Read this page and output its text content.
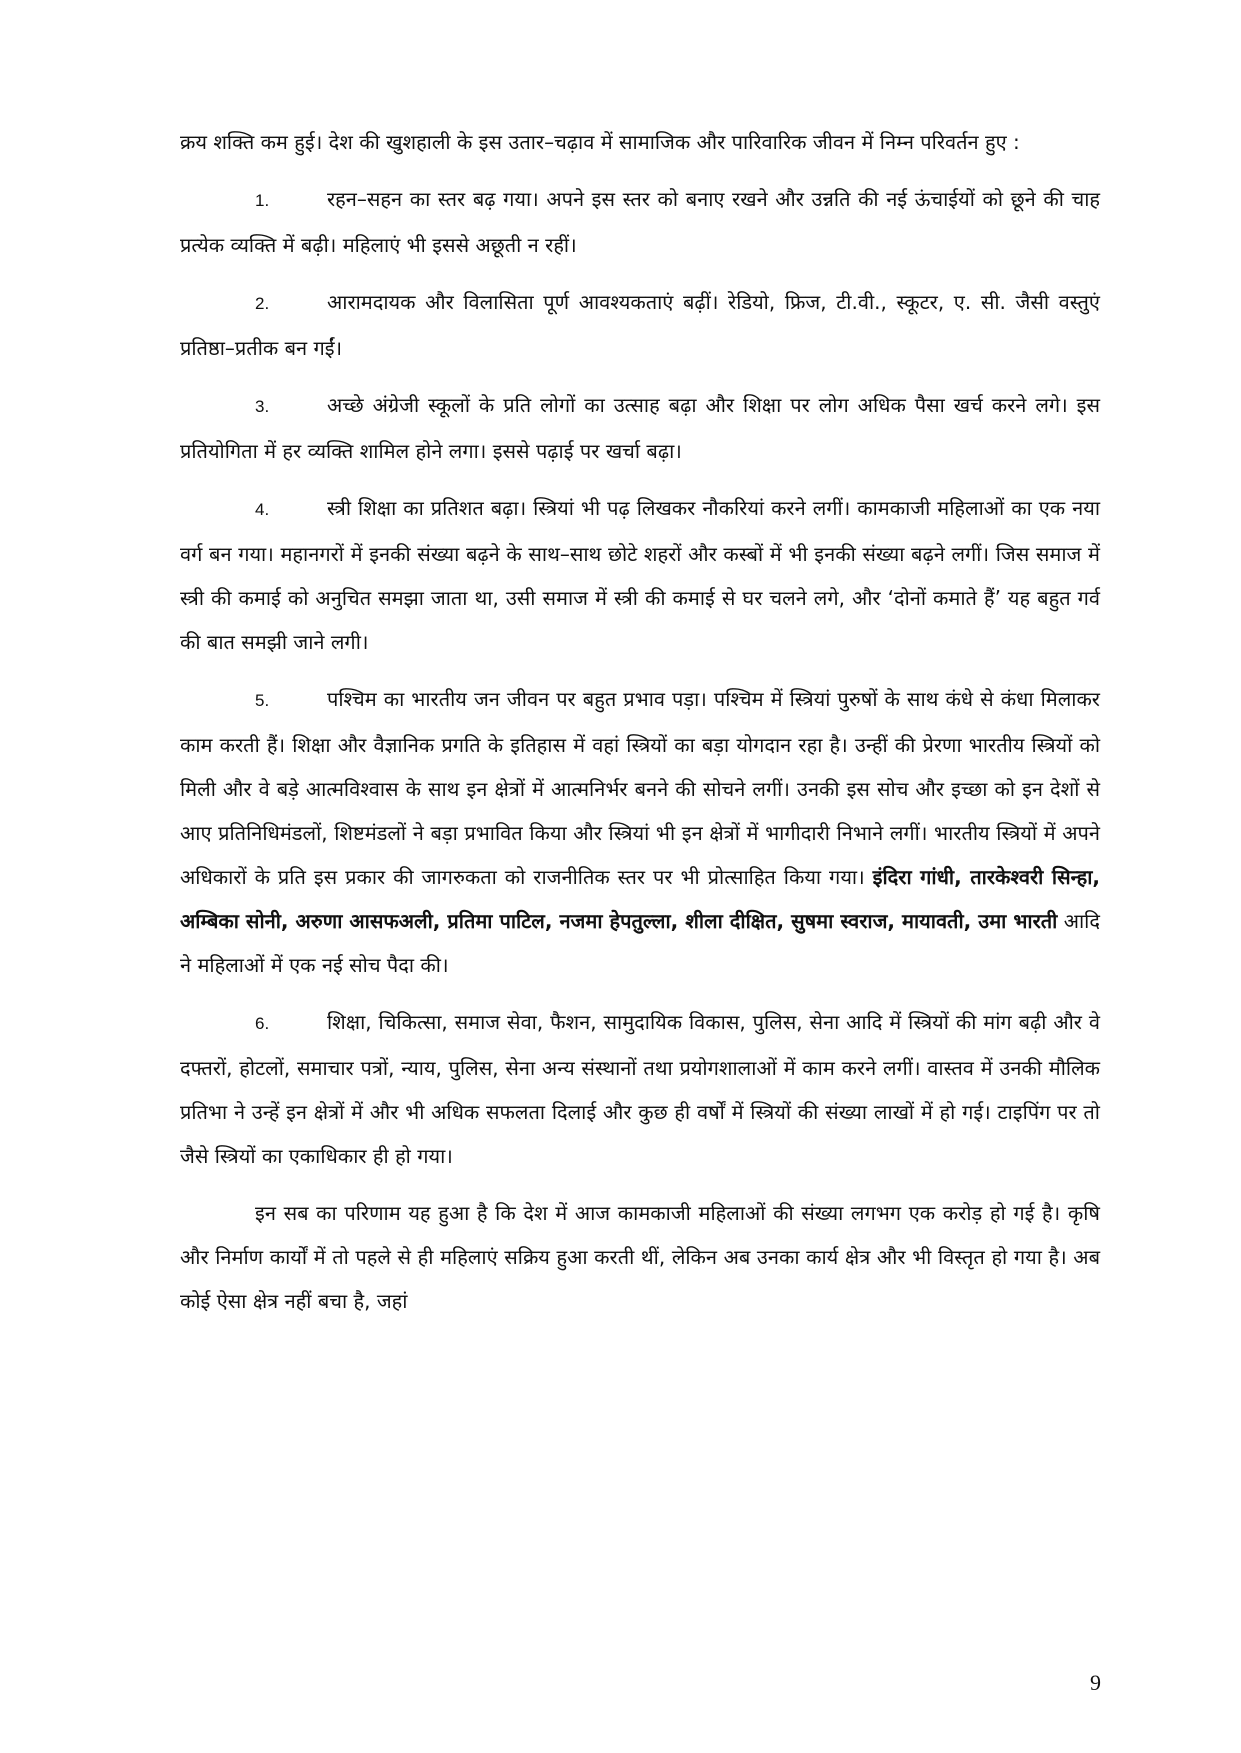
क्रय शक्ति कम हुई। देश की खुशहाली के इस उतार–चढ़ाव में सामाजिक और पारिवारिक जीवन में निम्न परिवर्तन हुए :

1.	रहन–सहन का स्तर बढ़ गया। अपने इस स्तर को बनाए रखने और उन्नति की नई ऊंचाईयों को छूने की चाह प्रत्येक व्यक्ति में बढ़ी। महिलाएं भी इससे अछूती न रहीं।

2.	आरामदायक और विलासिता पूर्ण आवश्यकताएं बढ़ीं। रेडियो, फ्रिज, टी.वी., स्कूटर, ए. सी. जैसी वस्तुएं प्रतिष्ठा–प्रतीक बन गईं।

3.	अच्छे अंग्रेजी स्कूलों के प्रति लोगों का उत्साह बढ़ा और शिक्षा पर लोग अधिक पैसा खर्च करने लगे। इस प्रतियोगिता में हर व्यक्ति शामिल होने लगा। इससे पढ़ाई पर खर्चा बढ़ा।

4.	स्त्री शिक्षा का प्रतिशत बढ़ा। स्त्रियां भी पढ़ लिखकर नौकरियां करने लगीं। कामकाजी महिलाओं का एक नया वर्ग बन गया। महानगरों में इनकी संख्या बढ़ने के साथ–साथ छोटे शहरों और कस्बों में भी इनकी संख्या बढ़ने लगीं। जिस समाज में स्त्री की कमाई को अनुचित समझा जाता था, उसी समाज में स्त्री की कमाई से घर चलने लगे, और ‘दोनों कमाते हैं’ यह बहुत गर्व की बात समझी जाने लगी।

5.	पश्चिम का भारतीय जन जीवन पर बहुत प्रभाव पड़ा। पश्चिम में स्त्रियां पुरुषों के साथ कंधे से कंधा मिलाकर काम करती हैं। शिक्षा और वैज्ञानिक प्रगति के इतिहास में वहां स्त्रियों का बड़ा योगदान रहा है। उन्हीं की प्रेरणा भारतीय स्त्रियों को मिली और वे बड़े आत्मविश्वास के साथ इन क्षेत्रों में आत्मनिर्भर बनने की सोचने लगीं। उनकी इस सोच और इच्छा को इन देशों से आए प्रतिनिधिमंडलों, शिष्टमंडलों ने बड़ा प्रभावित किया और स्त्रियां भी इन क्षेत्रों में भागीदारी निभाने लगीं। भारतीय स्त्रियों में अपने अधिकारों के प्रति इस प्रकार की जागरुकता को राजनीतिक स्तर पर भी प्रोत्साहित किया गया। इंदिरा गांधी, तारकेश्वरी सिन्हा, अम्बिका सोनी, अरुणा आसफअली, प्रतिमा पाटिल, नजमा हेपतुल्ला, शीला दीक्षित, सुषमा स्वराज, मायावती, उमा भारती आदि ने महिलाओं में एक नई सोच पैदा की।

6.	शिक्षा, चिकित्सा, समाज सेवा, फैशन, सामुदायिक विकास, पुलिस, सेना आदि में स्त्रियों की मांग बढ़ी और वे दफ्तरों, होटलों, समाचार पत्रों, न्याय, पुलिस, सेना अन्य संस्थानों तथा प्रयोगशालाओं में काम करने लगीं। वास्तव में उनकी मौलिक प्रतिभा ने उन्हें इन क्षेत्रों में और भी अधिक सफलता दिलाई और कुछ ही वर्षों में स्त्रियों की संख्या लाखों में हो गई। टाइपिंग पर तो जैसे स्त्रियों का एकाधिकार ही हो गया।

इन सब का परिणाम यह हुआ है कि देश में आज कामकाजी महिलाओं की संख्या लगभग एक करोड़ हो गई है। कृषि और निर्माण कार्यों में तो पहले से ही महिलाएं सक्रिय हुआ करती थीं, लेकिन अब उनका कार्य क्षेत्र और भी विस्तृत हो गया है। अब कोई ऐसा क्षेत्र नहीं बचा है, जहां

9
